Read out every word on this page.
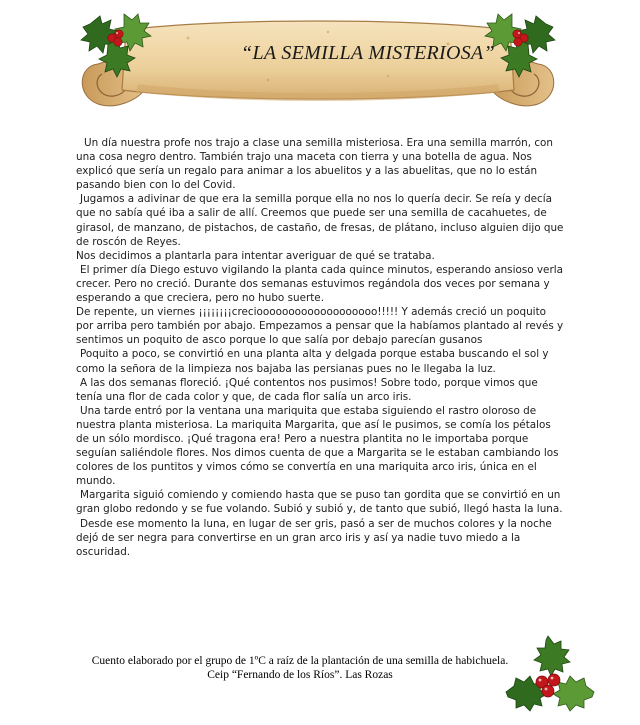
“LA SEMILLA MISTERIOSA”

Un día nuestra profe nos trajo a clase una semilla misteriosa. Era una semilla marrón, con una cosa negro dentro. También trajo una maceta con tierra y una botella de agua. Nos explicó que sería un regalo para animar a los abuelitos y a las abuelitas, que no lo están pasando bien con lo del Covid.

Jugamos a adivinar de que era la semilla porque ella no nos lo quería decir. Se reía y decía que no sabía qué iba a salir de allí. Creemos que puede ser una semilla de cacahuetes, de girasol, de manzano, de pistachos, de castaño, de fresas, de plátano, incluso alguien dijo que de roscón de Reyes.

Nos decidimos a plantarla para intentar averiguar de qué se trataba.

El primer día Diego estuvo vigilando la planta cada quince minutos, esperando ansioso verla crecer. Pero no creció. Durante dos semanas estuvimos regándola dos veces por semana y esperando a que creciera, pero no hubo suerte.

De repente, un viernes ¡¡¡¡¡¡¡¡creciooooooooooooooooooo!!!!! Y además creció un poquito por arriba pero también por abajo. Empezamos a pensar que la habíamos plantado al revés y sentimos un poquito de asco porque lo que salía por debajo parecían gusanos

Poquito a poco, se convirtió en una planta alta y delgada porque estaba buscando el sol y como la señora de la limpieza nos bajaba las persianas pues no le llegaba la luz.

A las dos semanas floreció. ¡Qué contentos nos pusimos! Sobre todo, porque vimos que tenía una flor de cada color y que, de cada flor salía un arco iris.

Una tarde entró por la ventana una mariquita que estaba siguiendo el rastro oloroso de nuestra planta misteriosa. La mariquita Margarita, que así le pusimos, se comía los pétalos de un sólo mordisco. ¡Qué tragona era! Pero a nuestra plantita no le importaba porque seguían saliéndole flores. Nos dimos cuenta de que a Margarita se le estaban cambiando los colores de los puntitos y vimos cómo se convertía en una mariquita arco iris, única en el mundo.

Margarita siguió comiendo y comiendo hasta que se puso tan gordita que se convirtió en un gran globo redondo y se fue volando. Subió y subió y, de tanto que subió, llegó hasta la luna.

Desde ese momento la luna, en lugar de ser gris, pasó a ser de muchos colores y la noche dejó de ser negra para convertirse en un gran arco iris y así ya nadie tuvo miedo a la oscuridad.

Cuento elaborado por el grupo de 1ºC a raíz de la plantación de una semilla de habichuela.
Ceip “Fernando de los Ríos”. Las Rozas
